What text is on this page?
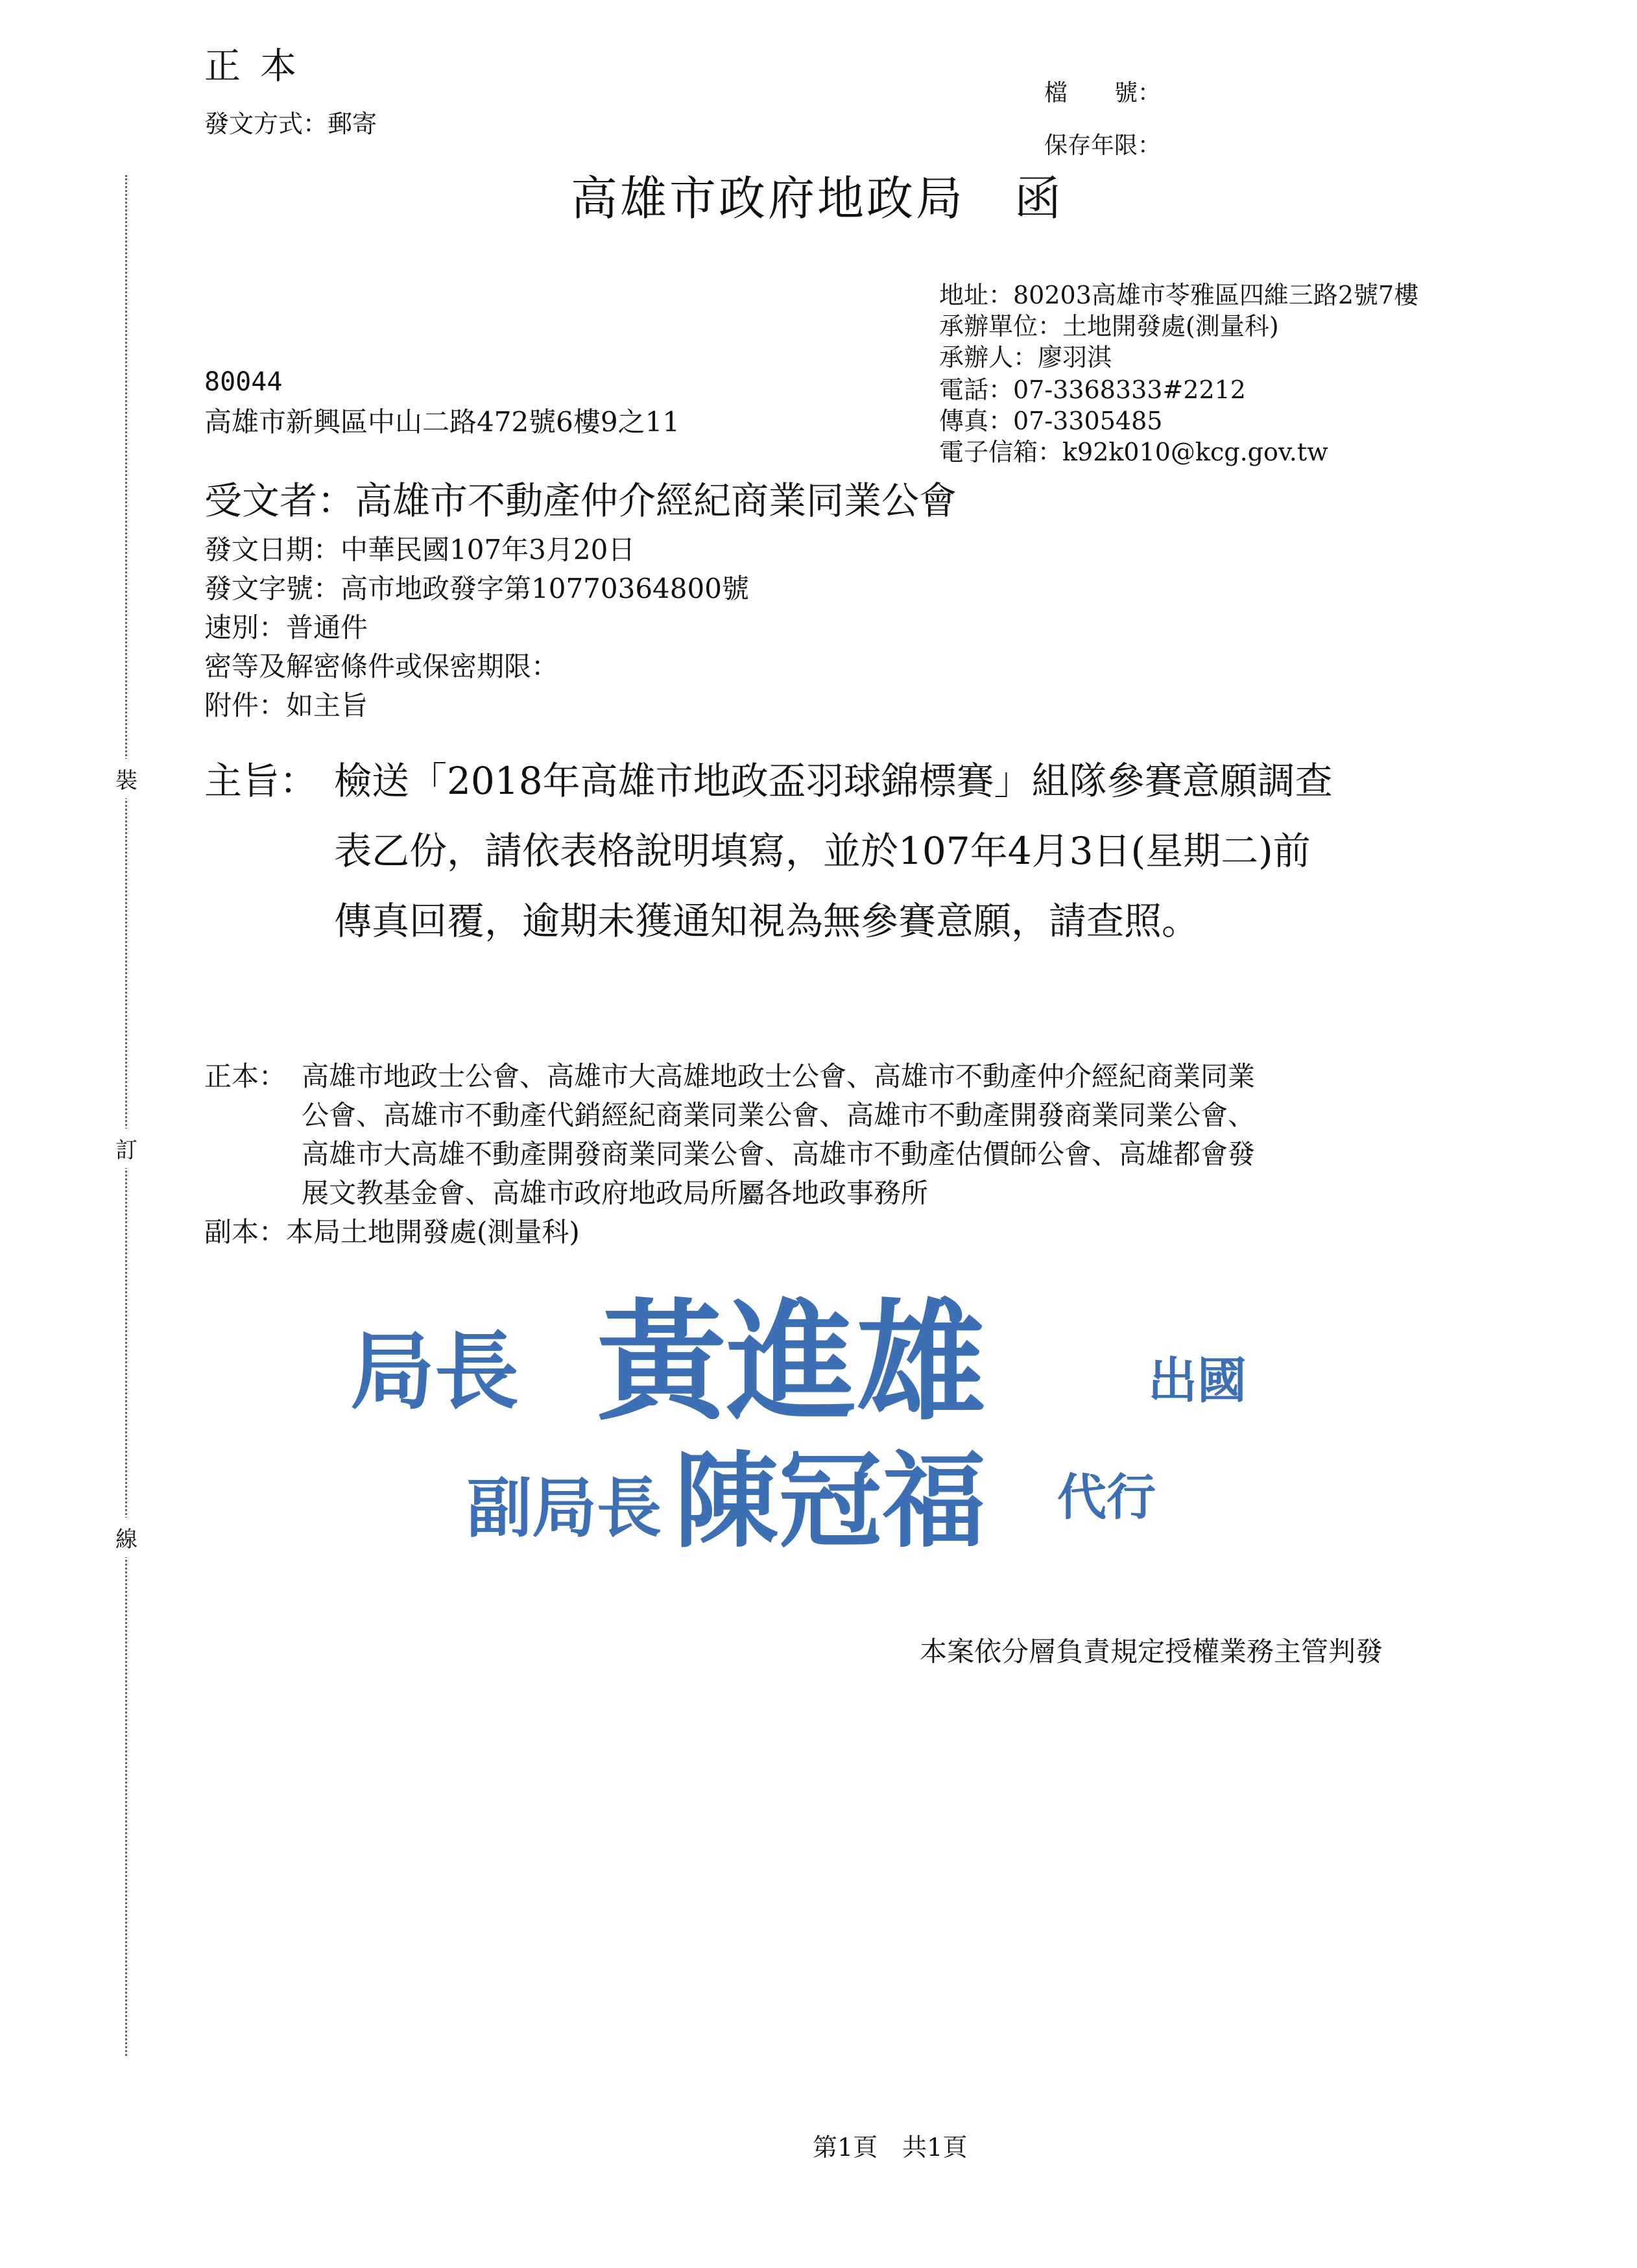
正本
發文方式：郵寄
檔　　號：
保存年限：
高雄市政府地政局　函
地址：80203高雄市苓雅區四維三路2號7樓
承辦單位：土地開發處(測量科)
承辦人：廖羽淇
電話：07-3368333#2212
傳真：07-3305485
電子信箱：k92k010@kcg.gov.tw
80044
高雄市新興區中山二路472號6樓9之11
受文者：高雄市不動產仲介經紀商業同業公會
發文日期：中華民國107年3月20日
發文字號：高市地政發字第10770364800號
速別：普通件
密等及解密條件或保密期限：
附件：如主旨
主旨： 檢送「2018年高雄市地政盃羽球錦標賽」組隊參賽意願調查
表乙份，請依表格說明填寫，並於107年4月3日(星期二)前
傳真回覆，逾期未獲通知視為無參賽意願，請查照。
正本： 高雄市地政士公會、高雄市大高雄地政士公會、高雄市不動產仲介經紀商業同業
公會、高雄市不動產代銷經紀商業同業公會、高雄市不動產開發商業同業公會、
高雄市大高雄不動產開發商業同業公會、高雄市不動產估價師公會、高雄都會發
展文教基金會、高雄市政府地政局所屬各地政事務所
副本：本局土地開發處(測量科)
裝
訂
線
局長 黃進雄	出國
副局長 陳冠福 代行
本案依分層負責規定授權業務主管判發
第1頁　共1頁
